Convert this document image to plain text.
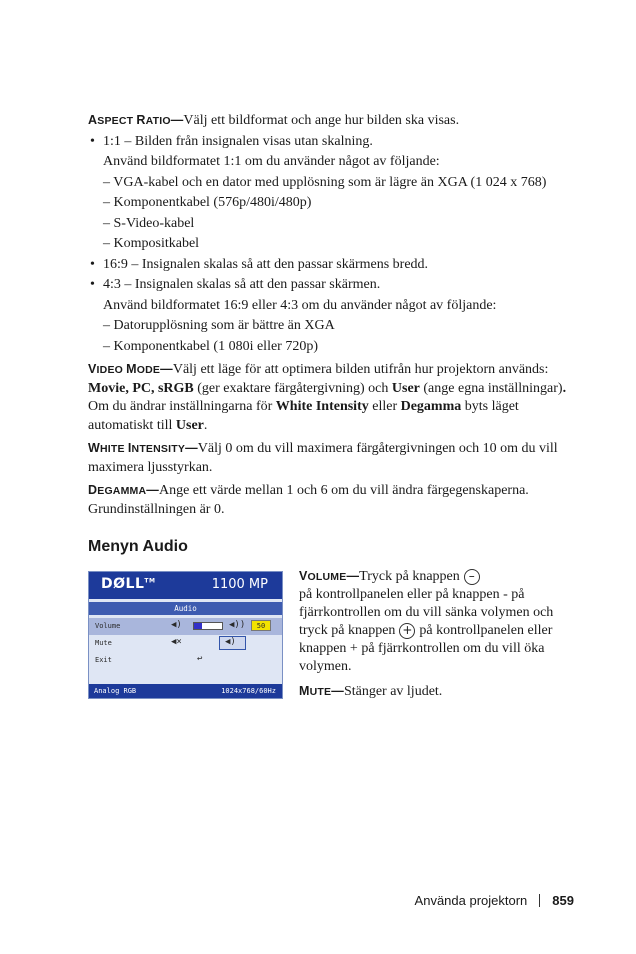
ASPECT RATIO—Välj ett bildformat och ange hur bilden ska visas.

• 1:1 – Bilden från insignalen visas utan skalning.
Använd bildformatet 1:1 om du använder något av följande:
– VGA-kabel och en dator med upplösning som är lägre än XGA (1 024 x 768)
– Komponentkabel (576p/480i/480p)
– S-Video-kabel
– Kompositkabel
• 16:9 – Insignalen skalas så att den passar skärmens bredd.
• 4:3 – Insignalen skalas så att den passar skärmen.
Använd bildformatet 16:9 eller 4:3 om du använder något av följande:
– Datorupplösning som är bättre än XGA
– Komponentkabel (1 080i eller 720p)

VIDEO MODE—Välj ett läge för att optimera bilden utifrån hur projektorn används: Movie, PC, sRGB (ger exaktare färgåtergivning) och User (ange egna inställningar). Om du ändrar inställningarna för White Intensity eller Degamma byts läget automatiskt till User.

WHITE INTENSITY—Välj 0 om du vill maximera färgåtergivningen och 10 om du vill maximera ljusstyrkan.

DEGAMMA—Ange ett värde mellan 1 och 6 om du vill ändra färgegenskaperna. Grundinställningen är 0.

Menyn Audio
DØLL™	1100 MP
Audio
Volume	◀)	◀))	50
Mute	◀×	◀)
Exit	↩
Analog RGB	1024x768/60Hz

VOLUME—Tryck på knappen –
på kontrollpanelen eller på knappen - på fjärrkontrollen om du vill sänka volymen och tryck på knappen + på kontrollpanelen eller knappen + på fjärrkontrollen om du vill öka volymen.

MUTE—Stänger av ljudet.

Använda projektorn 859
